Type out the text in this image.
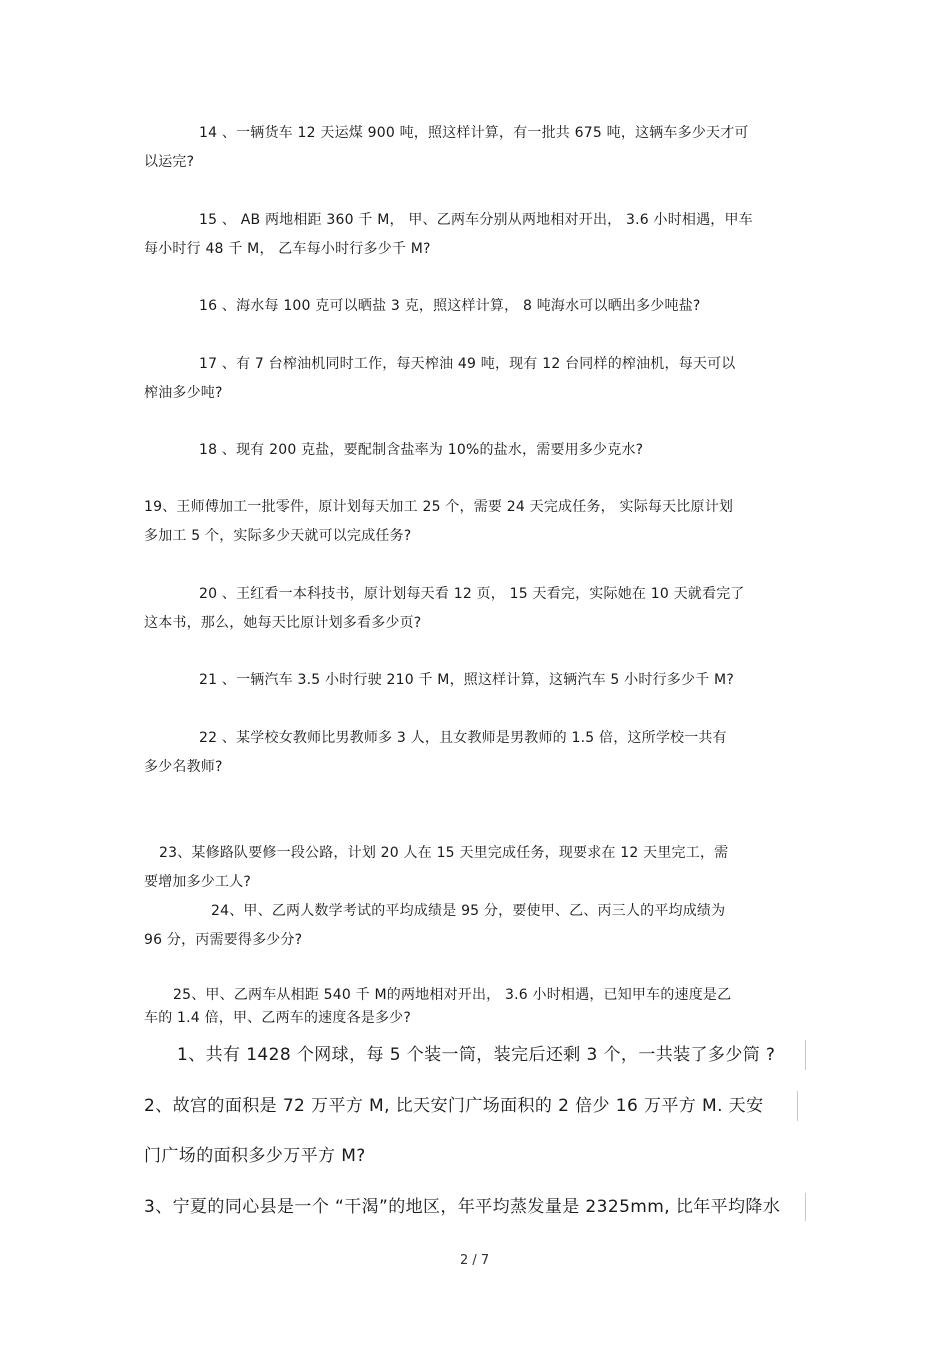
14 、一辆货车 12 天运煤 900 吨，照这样计算，有一批共 675 吨，这辆车多少天才可
以运完?
15 、 AB 两地相距 360 千 M， 甲、乙两车分别从两地相对开出， 3.6 小时相遇，甲车
每小时行 48 千 M， 乙车每小时行多少千 M?
16 、海水每 100 克可以晒盐 3 克，照这样计算， 8 吨海水可以晒出多少吨盐?
17 、有 7 台榨油机同时工作，每天榨油 49 吨，现有 12 台同样的榨油机，每天可以
榨油多少吨?
18 、现有 200 克盐，要配制含盐率为 10%的盐水，需要用多少克水?
19、王师傅加工一批零件，原计划每天加工 25 个，需要 24 天完成任务， 实际每天比原计划
多加工 5 个，实际多少天就可以完成任务?
20 、王红看一本科技书，原计划每天看 12 页， 15 天看完，实际她在 10 天就看完了
这本书，那么，她每天比原计划多看多少页?
21 、一辆汽车 3.5 小时行驶 210 千 M，照这样计算，这辆汽车 5 小时行多少千 M?
22 、某学校女教师比男教师多 3 人，且女教师是男教师的 1.5 倍，这所学校一共有
多少名教师?
23、某修路队要修一段公路，计划 20 人在 15 天里完成任务，现要求在 12 天里完工，需
要增加多少工人?
24、甲、乙两人数学考试的平均成绩是 95 分，要使甲、乙、丙三人的平均成绩为
96 分，丙需要得多少分?
25、甲、乙两车从相距 540 千 M的两地相对开出， 3.6 小时相遇，已知甲车的速度是乙
车的 1.4 倍，甲、乙两车的速度各是多少?
1、共有 1428 个网球，每 5 个装一筒，装完后还剩 3 个，一共装了多少筒 ?
2、故宫的面积是 72 万平方 M, 比天安门广场面积的 2 倍少 16 万平方 M. 天安
门广场的面积多少万平方 M?
3、宁夏的同心县是一个 “干渴”的地区，年平均蒸发量是 2325mm, 比年平均降水
2 / 7
